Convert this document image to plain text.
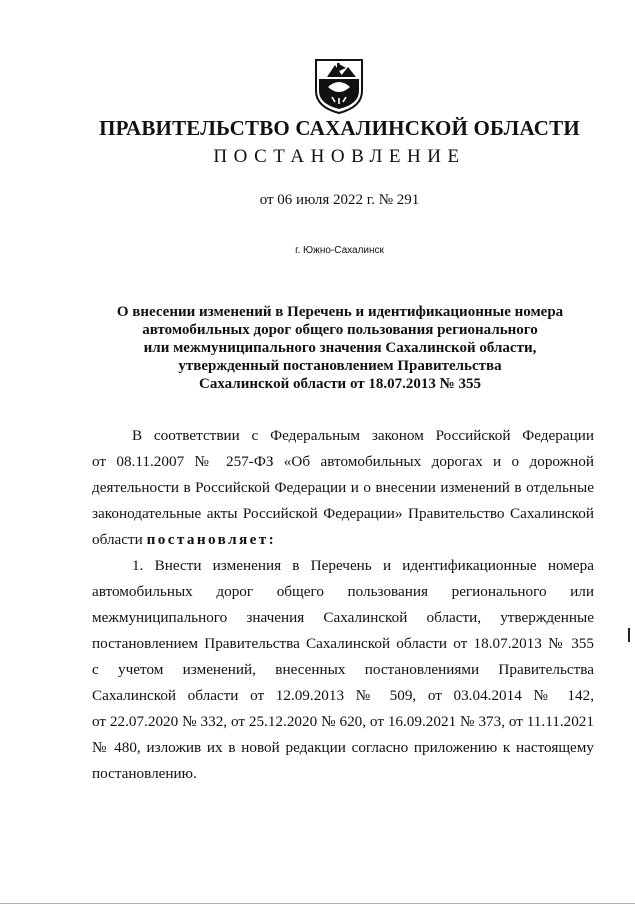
ПРАВИТЕЛЬСТВО САХАЛИНСКОЙ ОБЛАСТИ
ПОСТАНОВЛЕНИЕ
от 06 июля 2022 г. № 291
г. Южно-Сахалинск
О внесении изменений в Перечень и идентификационные номера
автомобильных дорог общего пользования регионального
или межмуниципального значения Сахалинской области,
утвержденный постановлением Правительства
Сахалинской области от 18.07.2013 № 355
В соответствии с Федеральным законом Российской Федерации
от 08.11.2007 № 257-ФЗ «Об автомобильных дорогах и о дорожной
деятельности в Российской Федерации и о внесении изменений в отдельные
законодательные акты Российской Федерации» Правительство Сахалинской
области постановляет:
1. Внести изменения в Перечень и идентификационные номера
автомобильных дорог общего пользования регионального или
межмуниципального значения Сахалинской области, утвержденные
постановлением Правительства Сахалинской области от 18.07.2013 № 355
с учетом изменений, внесенных постановлениями Правительства
Сахалинской области от 12.09.2013 № 509, от 03.04.2014 № 142,
от 22.07.2020 № 332, от 25.12.2020 № 620, от 16.09.2021 № 373, от 11.11.2021
№ 480, изложив их в новой редакции согласно приложению к настоящему
постановлению.
